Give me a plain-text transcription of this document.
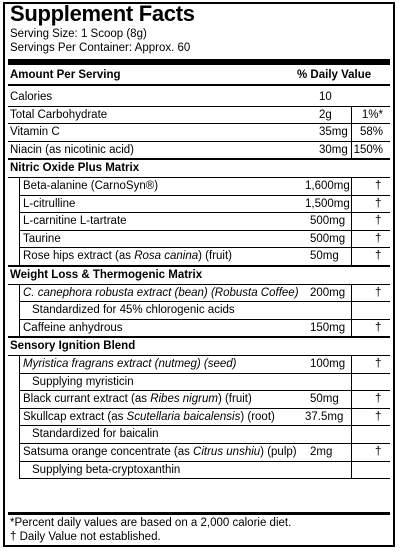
Supplement Facts
Serving Size: 1 Scoop (8g)
Servings Per Container: Approx. 60
Amount Per Serving	% Daily Value
Calories	10
Total Carbohydrate	2g	1%*
Vitamin C	35mg 58%
Niacin (as nicotinic acid)	30mg 150%
Nitric Oxide Plus Matrix
Beta-alanine (CarnoSyn®)	1,600mg †
L-citrulline	1,500mg †
L-carnitine L-tartrate	500mg	†
Taurine	500mg	†
Rose hips extract (as Rosa canina) (fruit)	50mg	†
Weight Loss & Thermogenic Matrix
C. canephora robusta extract (bean) (Robusta Coffee) 200mg	†
Standardized for 45% chlorogenic acids
Caffeine anhydrous	150mg	†
Sensory Ignition Blend
Myristica fragrans extract (nutmeg) (seed)	100mg	†
Supplying myristicin
Black currant extract (as Ribes nigrum) (fruit)	50mg	†
Skullcap extract (as Scutellaria baicalensis) (root)	37.5mg	†
Standardized for baicalin
Satsuma orange concentrate (as Citrus unshiu) (pulp) 2mg	†
Supplying beta-cryptoxanthin
*Percent daily values are based on a 2,000 calorie diet.
† Daily Value not established.
